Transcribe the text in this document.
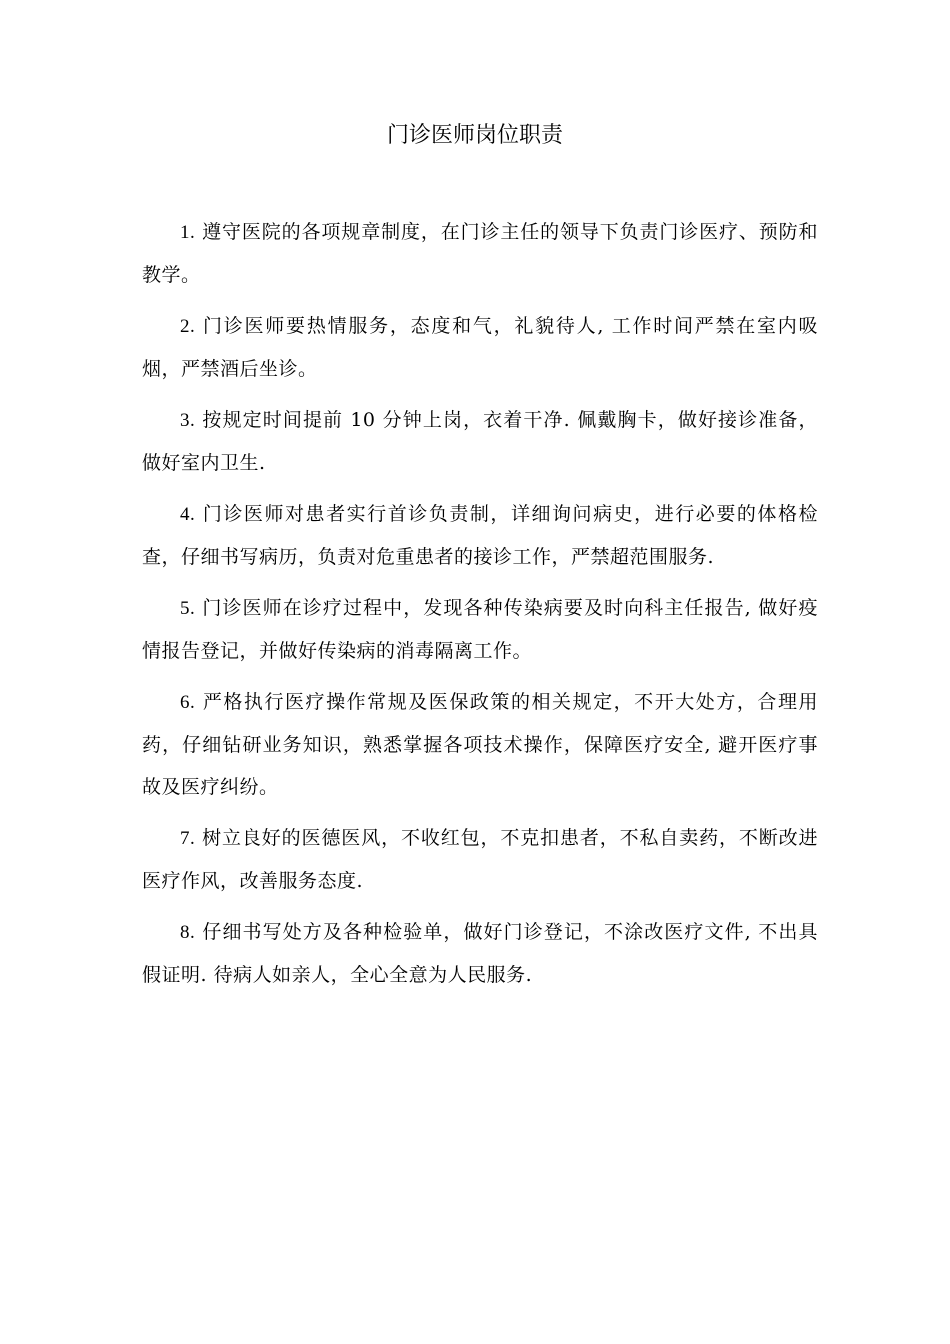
门诊医师岗位职责

1. 遵守医院的各项规章制度，在门诊主任的领导下负责门诊医疗、预防和教学。

2. 门诊医师要热情服务，态度和气，礼貌待人, 工作时间严禁在室内吸烟，严禁酒后坐诊。

3. 按规定时间提前 10 分钟上岗，衣着干净. 佩戴胸卡，做好接诊准备，做好室内卫生.

4. 门诊医师对患者实行首诊负责制，详细询问病史，进行必要的体格检查，仔细书写病历，负责对危重患者的接诊工作，严禁超范围服务.

5. 门诊医师在诊疗过程中，发现各种传染病要及时向科主任报告, 做好疫情报告登记，并做好传染病的消毒隔离工作。

6. 严格执行医疗操作常规及医保政策的相关规定，不开大处方，合理用药，仔细钻研业务知识，熟悉掌握各项技术操作，保障医疗安全, 避开医疗事故及医疗纠纷。

7. 树立良好的医德医风，不收红包，不克扣患者，不私自卖药，不断改进医疗作风，改善服务态度.

8. 仔细书写处方及各种检验单，做好门诊登记，不涂改医疗文件, 不出具假证明. 待病人如亲人，全心全意为人民服务.
